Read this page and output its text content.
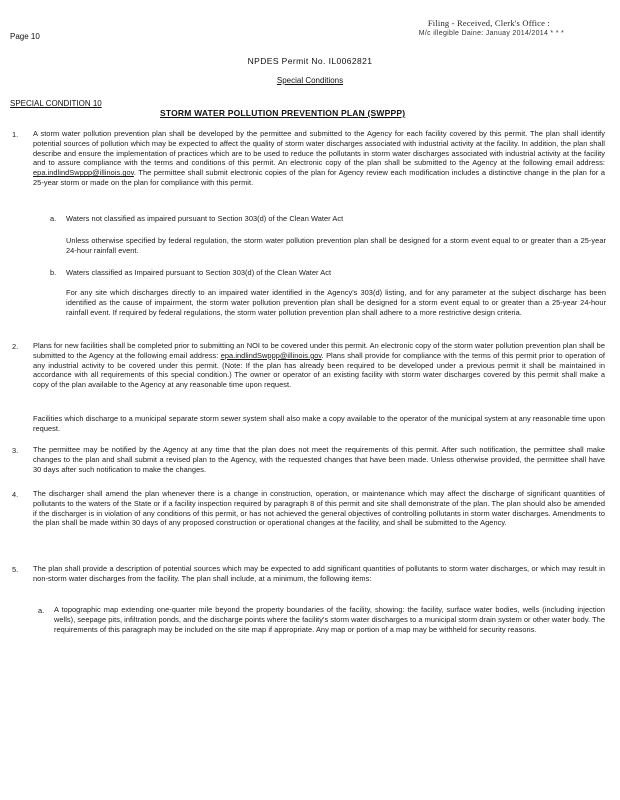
Filing - Received, Clerk's Office :
M/c illegible Daine: Januay 2014/2014 * * *
Page 10
NPDES Permit No. IL0062821
Special Conditions
SPECIAL CONDITION 10
STORM WATER POLLUTION PREVENTION PLAN (SWPPP)
1. A storm water pollution prevention plan shall be developed by the permittee and submitted to the Agency for each facility covered by this permit. The plan shall identify potential sources of pollution which may be expected to affect the quality of storm water discharges associated with industrial activity at the facility. In addition, the plan shall describe and ensure the implementation of practices which are to be used to reduce the pollutants in storm water discharges associated with industrial activity at the facility and to assure compliance with the terms and conditions of this permit. An electronic copy of the plan shall be submitted to the Agency at the following email address: epa.indlindSwppp@illinois.gov. The permittee shall submit electronic copies of the plan for Agency review each modification includes a distinctive change in the plan for a 25-year storm or made on the plan for compliance with this permit.
a. Waters not classified as impaired pursuant to Section 303(d) of the Clean Water Act
Unless otherwise specified by federal regulation, the storm water pollution prevention plan shall be designed for a storm event equal to or greater than a 25-year 24-hour rainfall event.
b. Waters classified as Impaired pursuant to Section 303(d) of the Clean Water Act
For any site which discharges directly to an impaired water identified in the Agency's 303(d) listing, and for any parameter at the subject discharge has been identified as the cause of impairment, the storm water pollution prevention plan shall be designed for a storm event equal to or greater than a 25-year 24-hour rainfall event. If required by federal regulations, the storm water pollution prevention plan shall adhere to a more restrictive design criteria.
2. Plans for new facilities shall be completed prior to submitting an NOI to be covered under this permit. An electronic copy of the storm water pollution prevention plan shall be submitted to the Agency at the following email address: epa.indlindSwppp@illinois.gov. Plans shall provide for compliance with the terms of this permit prior to operation of any industrial activity to be covered under this permit. (Note: If the plan has already been required to be developed under a previous permit it shall be maintained in accordance with all requirements of this special condition.) The owner or operator of an existing facility with storm water discharges covered by this permit shall make a copy of the plan available to the Agency at any reasonable time upon request.
Facilities which discharge to a municipal separate storm sewer system shall also make a copy available to the operator of the municipal system at any reasonable time upon request.
3. The permittee may be notified by the Agency at any time that the plan does not meet the requirements of this permit. After such notification, the permittee shall make changes to the plan and shall submit a revised plan to the Agency, with the requested changes that have been made. Unless otherwise provided, the permittee shall have 30 days after such notification to make the changes.
4. The discharger shall amend the plan whenever there is a change in construction, operation, or maintenance which may affect the discharge of significant quantities of pollutants to the waters of the State or if a facility inspection required by paragraph 8 of this permit and site shall demonstrate of the plan. The plan should also be amended if the discharger is in violation of any conditions of this permit, or has not achieved the general objectives of controlling pollutants in storm water discharges. Amendments to the plan shall be made within 30 days of any proposed construction or operational changes at the facility, and shall be submitted to the Agency.
5. The plan shall provide a description of potential sources which may be expected to add significant quantities of pollutants to storm water discharges, or which may result in non-storm water discharges from the facility. The plan shall include, at a minimum, the following items:
a. A topographic map extending one-quarter mile beyond the property boundaries of the facility, showing: the facility, surface water bodies, wells (including injection wells), seepage pits, infiltration ponds, and the discharge points where the facility's storm water discharges to a municipal storm drain system or other water body. The requirements of this paragraph may be included on the site map if appropriate. Any map or portion of a map may be withheld for security reasons.
